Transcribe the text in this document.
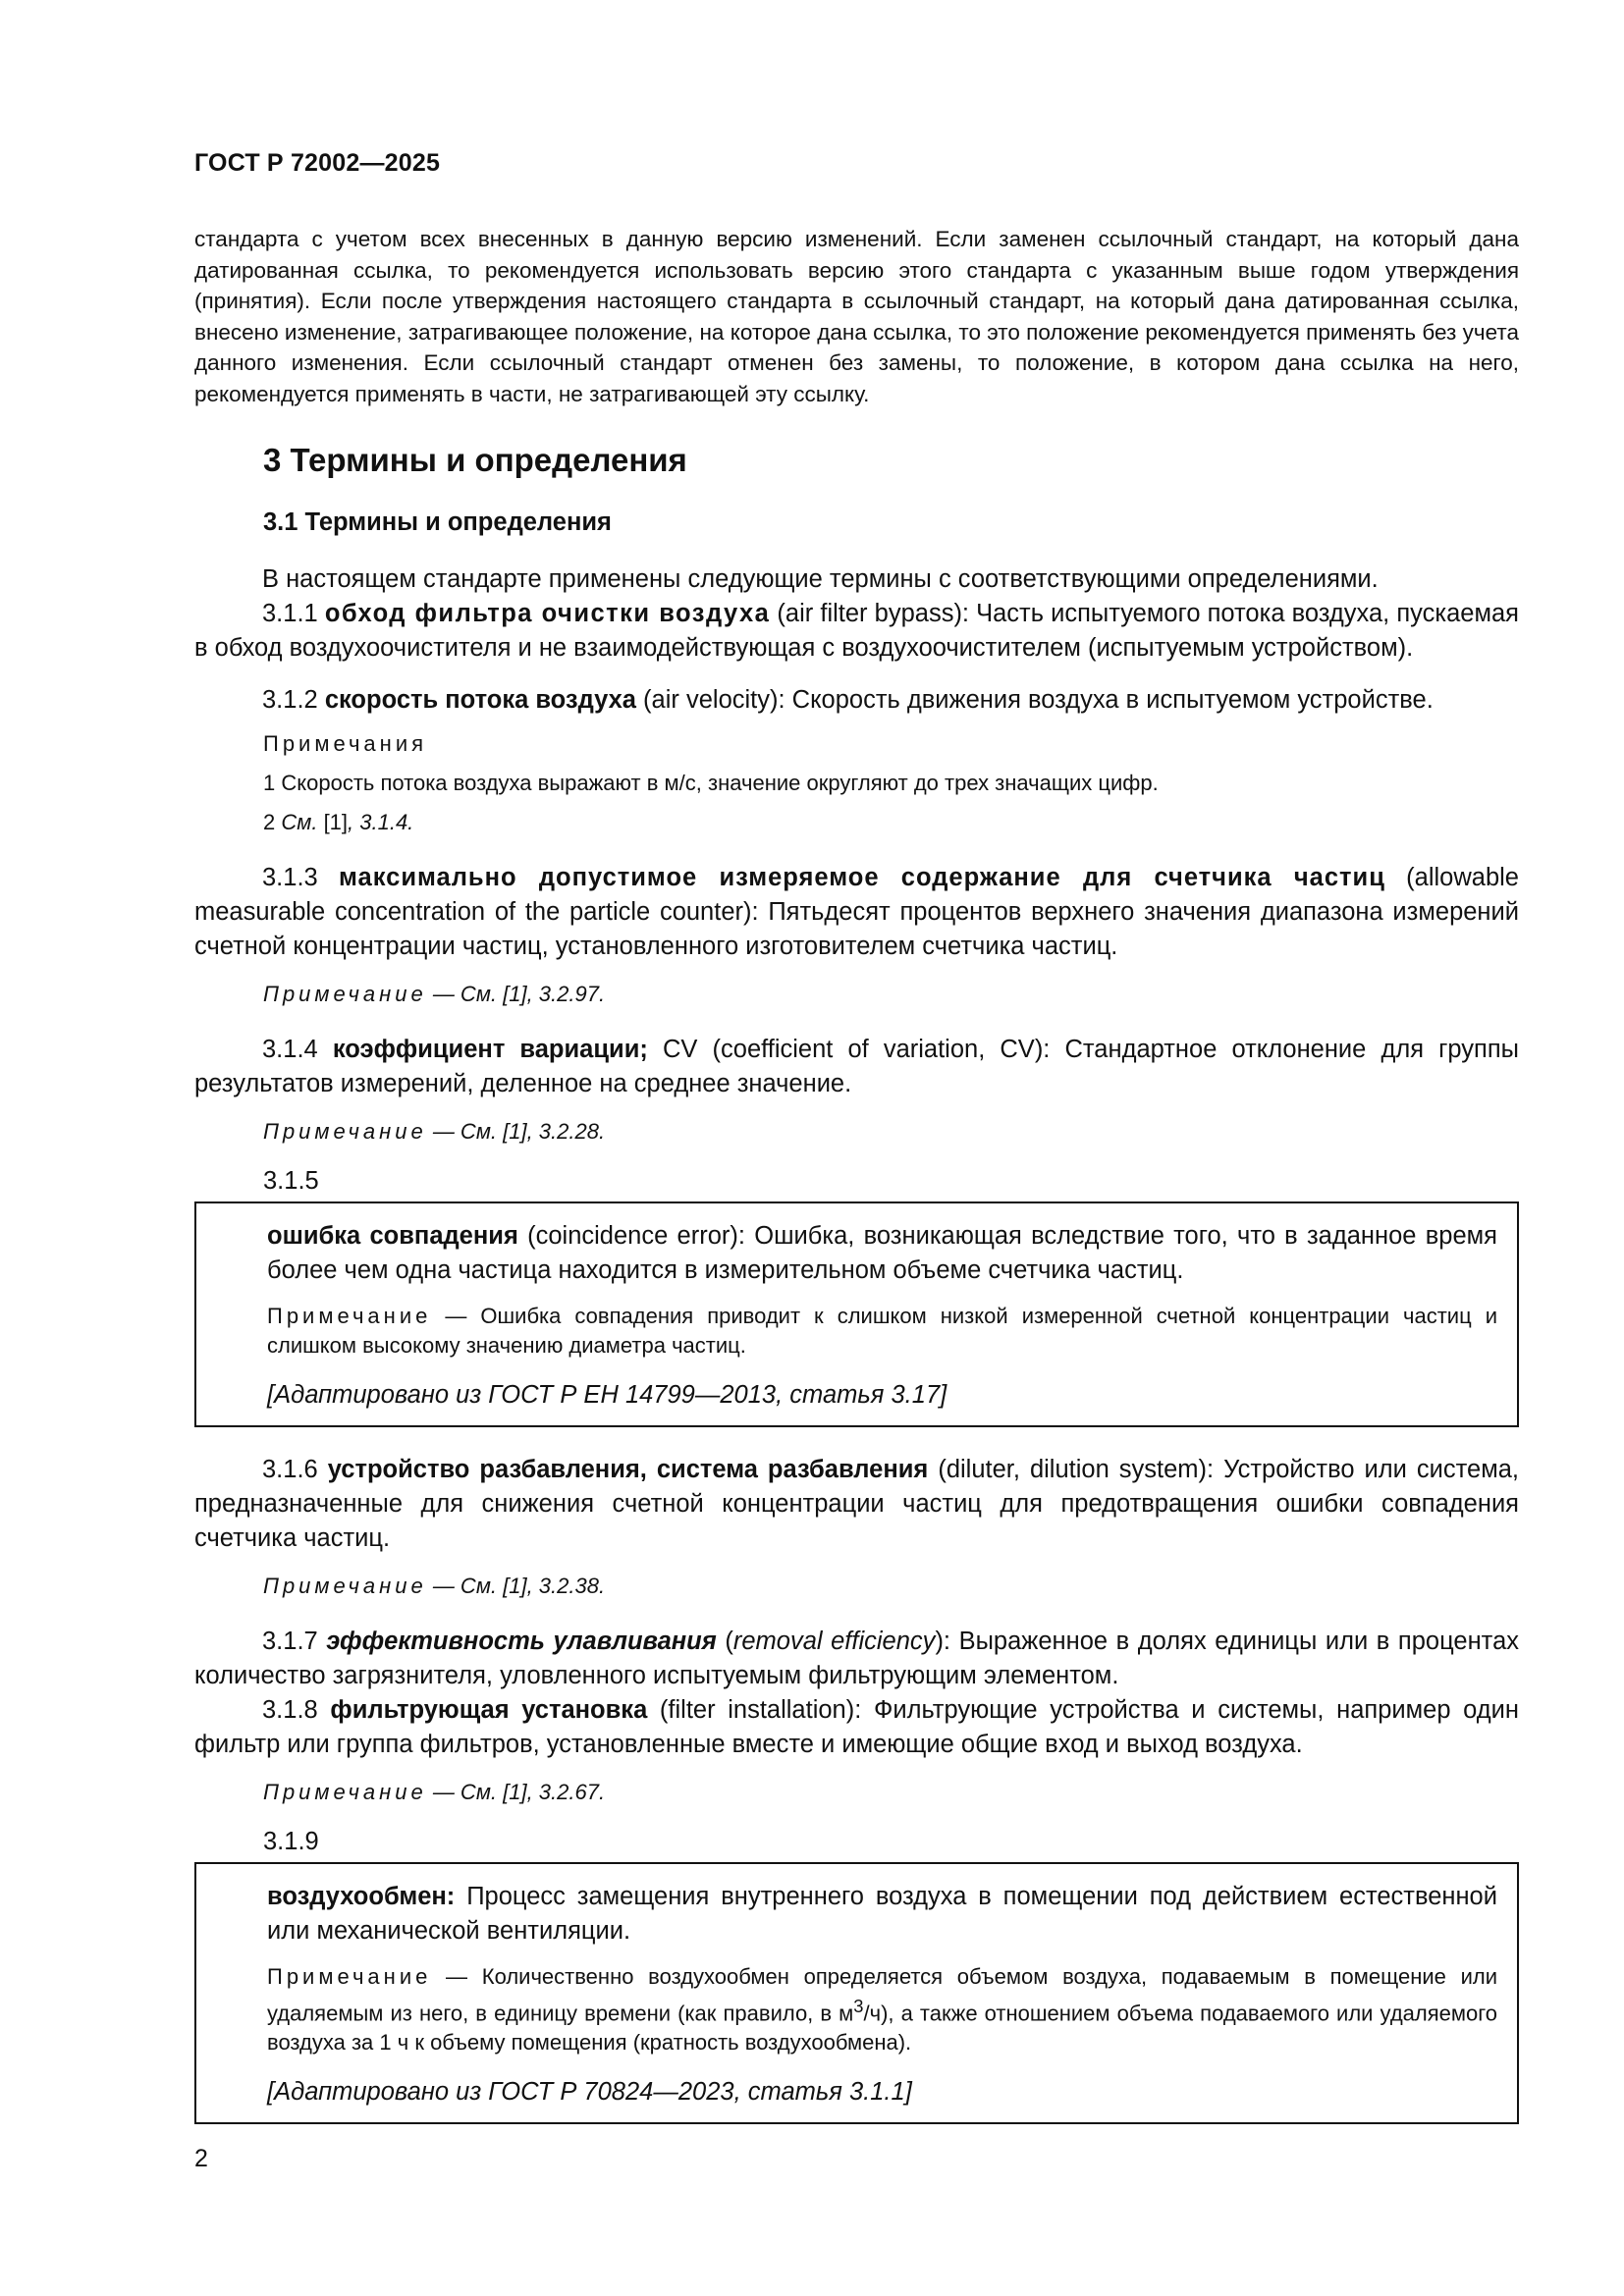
ГОСТ Р 72002—2025

стандарта с учетом всех внесенных в данную версию изменений. Если заменен ссылочный стандарт, на который дана датированная ссылка, то рекомендуется использовать версию этого стандарта с указанным выше годом утверждения (принятия). Если после утверждения настоящего стандарта в ссылочный стандарт, на который дана датированная ссылка, внесено изменение, затрагивающее положение, на которое дана ссылка, то это положение рекомендуется применять без учета данного изменения. Если ссылочный стандарт отменен без замены, то положение, в котором дана ссылка на него, рекомендуется применять в части, не затрагивающей эту ссылку.

3 Термины и определения
3.1 Термины и определения

В настоящем стандарте применены следующие термины с соответствующими определениями.

3.1.1 обход фильтра очистки воздуха (air filter bypass): Часть испытуемого потока воздуха, пускаемая в обход воздухоочистителя и не взаимодействующая с воздухоочистителем (испытуемым устройством).

3.1.2 скорость потока воздуха (air velocity): Скорость движения воздуха в испытуемом устройстве.

Примечания
1 Скорость потока воздуха выражают в м/с, значение округляют до трех значащих цифр.
2 См. [1], 3.1.4.

3.1.3 максимально допустимое измеряемое содержание для счетчика частиц (allowable measurable concentration of the particle counter): Пятьдесят процентов верхнего значения диапазона измерений счетной концентрации частиц, установленного изготовителем счетчика частиц.

Примечание — См. [1], 3.2.97.

3.1.4 коэффициент вариации; CV (coefficient of variation, CV): Стандартное отклонение для группы результатов измерений, деленное на среднее значение.

Примечание — См. [1], 3.2.28.
3.1.5

ошибка совпадения (coincidence error): Ошибка, возникающая вследствие того, что в заданное время более чем одна частица находится в измерительном объеме счетчика частиц.

Примечание — Ошибка совпадения приводит к слишком низкой измеренной счетной концентрации частиц и слишком высокому значению диаметра частиц.
[Адаптировано из ГОСТ Р ЕН 14799—2013, статья 3.17]

3.1.6 устройство разбавления, система разбавления (diluter, dilution system): Устройство или система, предназначенные для снижения счетной концентрации частиц для предотвращения ошибки совпадения счетчика частиц.

Примечание — См. [1], 3.2.38.

3.1.7 эффективность улавливания (removal efficiency): Выраженное в долях единицы или в процентах количество загрязнителя, уловленного испытуемым фильтрующим элементом.

3.1.8 фильтрующая установка (filter installation): Фильтрующие устройства и системы, например один фильтр или группа фильтров, установленные вместе и имеющие общие вход и выход воздуха.

Примечание — См. [1], 3.2.67.
3.1.9

воздухообмен: Процесс замещения внутреннего воздуха в помещении под действием естественной или механической вентиляции.

Примечание — Количественно воздухообмен определяется объемом воздуха, подаваемым в помещение или удаляемым из него, в единицу времени (как правило, в $м^3/ч$), а также отношением объема подаваемого или удаляемого воздуха за 1 ч к объему помещения (кратность воздухообмена).
[Адаптировано из ГОСТ Р 70824—2023, статья 3.1.1]
2
